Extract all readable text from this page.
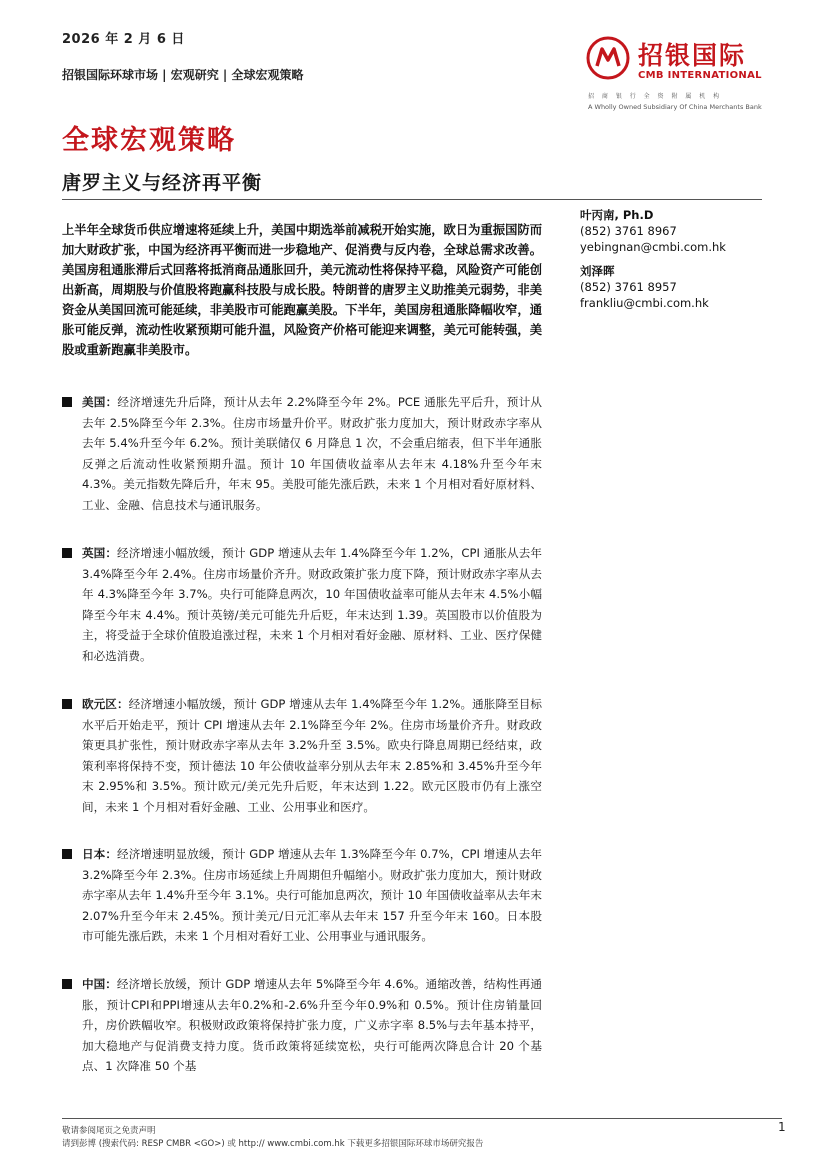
2026 年 2 月 6 日
招银国际环球市场 | 宏观研究 | 全球宏观策略
招银国际
CMB INTERNATIONAL
招 商 银 行 全 资 附 属 机 构
A Wholly Owned Subsidiary Of China Merchants Bank
全球宏观策略
唐罗主义与经济再平衡
上半年全球货币供应增速将延续上升，美国中期选举前减税开始实施，欧日为重振国防而加大财政扩张，中国为经济再平衡而进一步稳地产、促消费与反内卷，全球总需求改善。美国房租通胀滞后式回落将抵消商品通胀回升，美元流动性将保持平稳，风险资产可能创出新高，周期股与价值股将跑赢科技股与成长股。特朗普的唐罗主义助推美元弱势，非美资金从美国回流可能延续，非美股市可能跑赢美股。下半年，美国房租通胀降幅收窄，通胀可能反弹，流动性收紧预期可能升温，风险资产价格可能迎来调整，美元可能转强，美股或重新跑赢非美股市。
叶丙南, Ph.D
(852) 3761 8967
yebingnan@cmbi.com.hk
刘泽晖
(852) 3761 8957
frankliu@cmbi.com.hk
美国：经济增速先升后降，预计从去年 2.2%降至今年 2%。PCE 通胀先平后升，预计从去年 2.5%降至今年 2.3%。住房市场量升价平。财政扩张力度加大，预计财政赤字率从去年 5.4%升至今年 6.2%。预计美联储仅 6 月降息 1 次，不会重启缩表，但下半年通胀反弹之后流动性收紧预期升温。预计 10 年国债收益率从去年末 4.18%升至今年末 4.3%。美元指数先降后升，年末 95。美股可能先涨后跌，未来 1 个月相对看好原材料、工业、金融、信息技术与通讯服务。
英国：经济增速小幅放缓，预计 GDP 增速从去年 1.4%降至今年 1.2%，CPI 通胀从去年 3.4%降至今年 2.4%。住房市场量价齐升。财政政策扩张力度下降，预计财政赤字率从去年 4.3%降至今年 3.7%。央行可能降息两次，10 年国债收益率可能从去年末 4.5%小幅降至今年末 4.4%。预计英镑/美元可能先升后贬，年末达到 1.39。英国股市以价值股为主，将受益于全球价值股追涨过程，未来 1 个月相对看好金融、原材料、工业、医疗保健和必选消费。
欧元区：经济增速小幅放缓，预计 GDP 增速从去年 1.4%降至今年 1.2%。通胀降至目标水平后开始走平，预计 CPI 增速从去年 2.1%降至今年 2%。住房市场量价齐升。财政政策更具扩张性，预计财政赤字率从去年 3.2%升至 3.5%。欧央行降息周期已经结束，政策利率将保持不变，预计德法 10 年公债收益率分别从去年末 2.85%和 3.45%升至今年末 2.95%和 3.5%。预计欧元/美元先升后贬，年末达到 1.22。欧元区股市仍有上涨空间，未来 1 个月相对看好金融、工业、公用事业和医疗。
日本：经济增速明显放缓，预计 GDP 增速从去年 1.3%降至今年 0.7%，CPI 增速从去年 3.2%降至今年 2.3%。住房市场延续上升周期但升幅缩小。财政扩张力度加大，预计财政赤字率从去年 1.4%升至今年 3.1%。央行可能加息两次，预计 10 年国债收益率从去年末 2.07%升至今年末 2.45%。预计美元/日元汇率从去年末 157 升至今年末 160。日本股市可能先涨后跌，未来 1 个月相对看好工业、公用事业与通讯服务。
中国：经济增长放缓，预计 GDP 增速从去年 5%降至今年 4.6%。通缩改善，结构性再通胀，预计CPI和PPI增速从去年0.2%和-2.6%升至今年0.9%和 0.5%。预计住房销量回升，房价跌幅收窄。积极财政政策将保持扩张力度，广义赤字率 8.5%与去年基本持平，加大稳地产与促消费支持力度。货币政策将延续宽松，央行可能两次降息合计 20 个基点、1 次降准 50 个基
敬请参阅尾页之免责声明
请到彭博 (搜索代码: RESP CMBR <GO>) 或 http:// www.cmbi.com.hk 下载更多招银国际环球市场研究报告
1
